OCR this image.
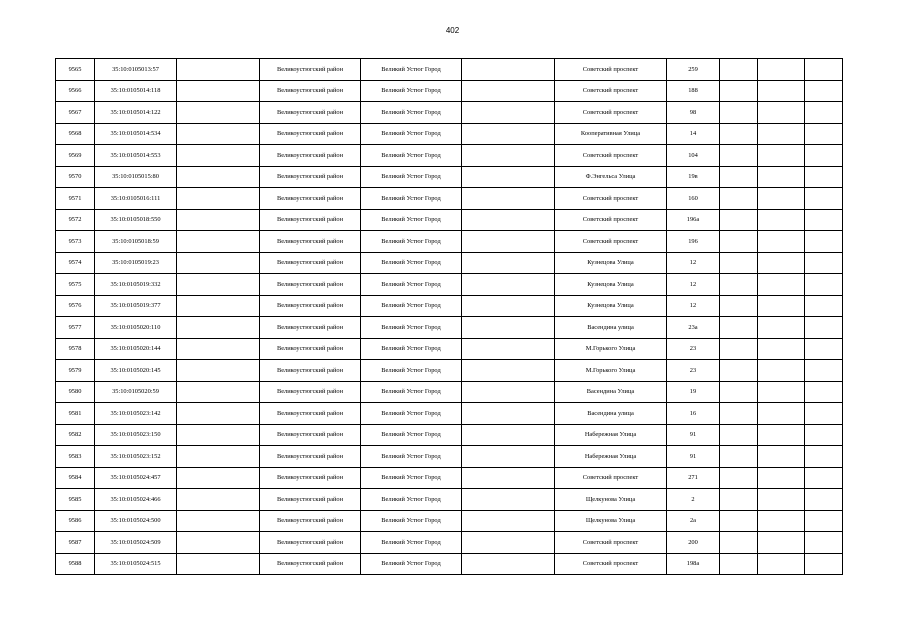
402
9565	35:10:0105013:57		Великоустюгский район	Великий Устюг Город		Советский проспект	259			
9566	35:10:0105014:118		Великоустюгский район	Великий Устюг Город		Советский проспект	188			
9567	35:10:0105014:122		Великоустюгский район	Великий Устюг Город		Советский проспект	98			
9568	35:10:0105014:534		Великоустюгский район	Великий Устюг Город		Кооперативная Улица	14			
9569	35:10:0105014:553		Великоустюгский район	Великий Устюг Город		Советский проспект	104			
9570	35:10:0105015:80		Великоустюгский район	Великий Устюг Город		Ф.Энгельса Улица	19в			
9571	35:10:0105016:111		Великоустюгский район	Великий Устюг Город		Советский проспект	160			
9572	35:10:0105018:550		Великоустюгский район	Великий Устюг Город		Советский проспект	196а			
9573	35:10:0105018:59		Великоустюгский район	Великий Устюг Город		Советский проспект	196			
9574	35:10:0105019:23		Великоустюгский район	Великий Устюг Город		Кузнецова Улица	12			
9575	35:10:0105019:332		Великоустюгский район	Великий Устюг Город		Кузнецова Улица	12			
9576	35:10:0105019:377		Великоустюгский район	Великий Устюг Город		Кузнецова Улица	12			
9577	35:10:0105020:110		Великоустюгский район	Великий Устюг Город		Васендина улица	23а			
9578	35:10:0105020:144		Великоустюгский район	Великий Устюг Город		М.Горького Улица	23			
9579	35:10:0105020:145		Великоустюгский район	Великий Устюг Город		М.Горького Улица	23			
9580	35:10:0105020:59		Великоустюгский район	Великий Устюг Город		Васендина Улица	19			
9581	35:10:0105023:142		Великоустюгский район	Великий Устюг Город		Васендина улица	16			
9582	35:10:0105023:150		Великоустюгский район	Великий Устюг Город		Набережная Улица	91			
9583	35:10:0105023:152		Великоустюгский район	Великий Устюг Город		Набережная Улица	91			
9584	35:10:0105024:457		Великоустюгский район	Великий Устюг Город		Советский проспект	271			
9585	35:10:0105024:466		Великоустюгский район	Великий Устюг Город		Щелкунова Улица	2			
9586	35:10:0105024:500		Великоустюгский район	Великий Устюг Город		Щелкунова Улица	2а			
9587	35:10:0105024:509		Великоустюгский район	Великий Устюг Город		Советский проспект	200			
9588	35:10:0105024:515		Великоустюгский район	Великий Устюг Город		Советский проспект	198а			
